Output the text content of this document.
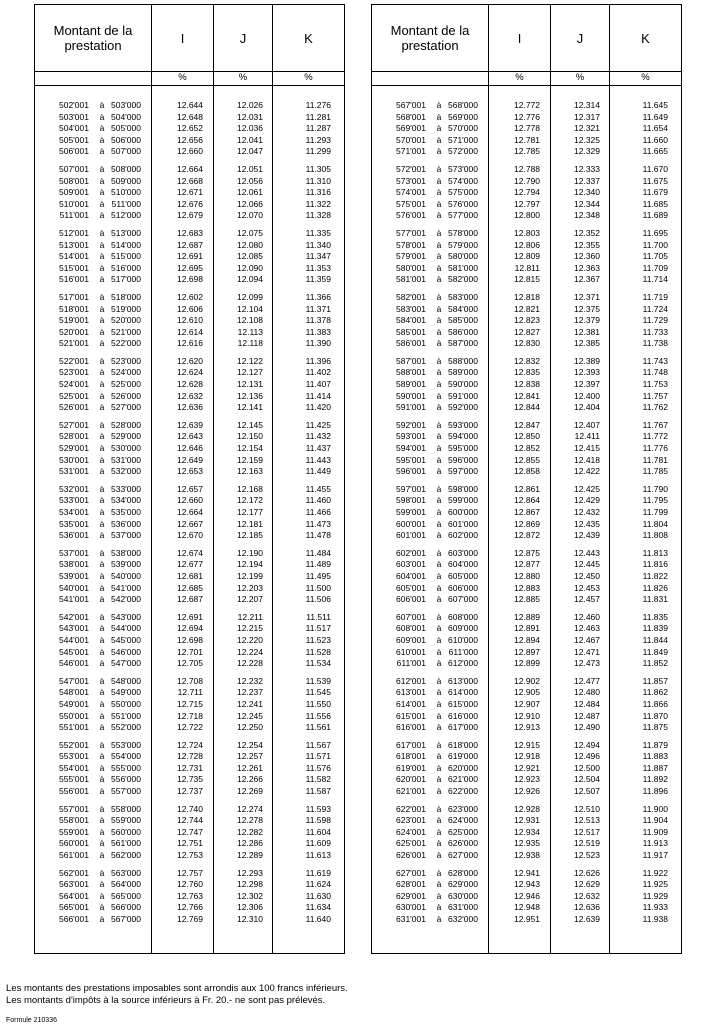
Montant de la prestation	I	J	K
%	%	%
502'001 à 503'000	12.644	12.026	11.276
503'001 à 504'000	12.648	12.031	11.281
504'001 à 505'000	12.652	12.036	11.287
505'001 à 506'000	12.656	12.041	11.293
506'001 à 507'000	12.660	12.047	11.299
507'001 à 508'000	12.664	12.051	11.305
508'001 à 509'000	12.668	12.056	11.310
509'001 à 510'000	12.671	12.061	11.316
510'001 à 511'000	12.676	12.066	11.322
511'001 à 512'000	12.679	12.070	11.328
512'001 à 513'000	12.683	12.075	11.335
513'001 à 514'000	12.687	12.080	11.340
514'001 à 515'000	12.691	12.085	11.347
515'001 à 516'000	12.695	12.090	11.353
516'001 à 517'000	12.698	12.094	11.359
517'001 à 518'000	12.602	12.099	11.366
518'001 à 519'000	12.606	12.104	11.371
519'001 à 520'000	12.610	12.108	11.378
520'001 à 521'000	12.614	12.113	11.383
521'001 à 522'000	12.616	12.118	11.390
522'001 à 523'000	12.620	12.122	11.396
523'001 à 524'000	12.624	12.127	11.402
524'001 à 525'000	12.628	12.131	11.407
525'001 à 526'000	12.632	12.136	11.414
526'001 à 527'000	12.636	12.141	11.420
527'001 à 528'000	12.639	12.145	11.425
528'001 à 529'000	12.643	12.150	11.432
529'001 à 530'000	12.646	12.154	11.437
530'001 à 531'000	12.649	12.159	11.443
531'001 à 532'000	12.653	12.163	11.449
532'001 à 533'000	12.657	12.168	11.455
533'001 à 534'000	12.660	12.172	11.460
534'001 à 535'000	12.664	12.177	11.466
535'001 à 536'000	12.667	12.181	11.473
536'001 à 537'000	12.670	12.185	11.478
537'001 à 538'000	12.674	12.190	11.484
538'001 à 539'000	12.677	12.194	11.489
539'001 à 540'000	12.681	12.199	11.495
540'001 à 541'000	12.685	12.203	11.500
541'001 à 542'000	12.687	12.207	11.506
542'001 à 543'000	12.691	12.211	11.511
543'001 à 544'000	12.694	12.215	11.517
544'001 à 545'000	12.698	12.220	11.523
545'001 à 546'000	12.701	12.224	11.528
546'001 à 547'000	12.705	12.228	11.534
547'001 à 548'000	12.708	12.232	11.539
548'001 à 549'000	12.711	12.237	11.545
549'001 à 550'000	12.715	12.241	11.550
550'001 à 551'000	12.718	12.245	11.556
551'001 à 552'000	12.722	12.250	11.561
552'001 à 553'000	12.724	12.254	11.567
553'001 à 554'000	12.728	12.257	11.571
554'001 à 555'000	12.731	12.261	11.576
555'001 à 556'000	12.735	12.266	11.582
556'001 à 557'000	12.737	12.269	11.587
557'001 à 558'000	12.740	12.274	11.593
558'001 à 559'000	12.744	12.278	11.598
559'001 à 560'000	12.747	12.282	11.604
560'001 à 561'000	12.751	12.286	11.609
561'001 à 562'000	12.753	12.289	11.613
562'001 à 563'000	12.757	12.293	11.619
563'001 à 564'000	12.760	12.298	11.624
564'001 à 565'000	12.763	12.302	11.630
565'001 à 566'000	12.766	12.306	11.634
566'001 à 567'000	12.769	12.310	11.640
Montant de la prestation	I	J	K
%	%	%
567'001 à 568'000	12.772	12.314	11.645
568'001 à 569'000	12.776	12.317	11.649
569'001 à 570'000	12.778	12.321	11.654
570'001 à 571'000	12.781	12.325	11.660
571'001 à 572'000	12.785	12.329	11.665
572'001 à 573'000	12.788	12.333	11.670
573'001 à 574'000	12.790	12.337	11.675
574'001 à 575'000	12.794	12.340	11.679
575'001 à 576'000	12.797	12.344	11.685
576'001 à 577'000	12.800	12.348	11.689
577'001 à 578'000	12.803	12.352	11.695
578'001 à 579'000	12.806	12.355	11.700
579'001 à 580'000	12.809	12.360	11.705
580'001 à 581'000	12.811	12.363	11.709
581'001 à 582'000	12.815	12.367	11.714
582'001 à 583'000	12.818	12.371	11.719
583'001 à 584'000	12.821	12.375	11.724
584'001 à 585'000	12.823	12.379	11.729
585'001 à 586'000	12.827	12.381	11.733
586'001 à 587'000	12.830	12.385	11.738
587'001 à 588'000	12.832	12.389	11.743
588'001 à 589'000	12.835	12.393	11.748
589'001 à 590'000	12.838	12.397	11.753
590'001 à 591'000	12.841	12.400	11.757
591'001 à 592'000	12.844	12.404	11.762
592'001 à 593'000	12.847	12.407	11.767
593'001 à 594'000	12.850	12.411	11.772
594'001 à 595'000	12.852	12.415	11.776
595'001 à 596'000	12.855	12.418	11.781
596'001 à 597'000	12.858	12.422	11.785
597'001 à 598'000	12.861	12.425	11.790
598'001 à 599'000	12.864	12.429	11.795
599'001 à 600'000	12.867	12.432	11.799
600'001 à 601'000	12.869	12.435	11.804
601'001 à 602'000	12.872	12.439	11.808
602'001 à 603'000	12.875	12.443	11.813
603'001 à 604'000	12.877	12.445	11.816
604'001 à 605'000	12.880	12.450	11.822
605'001 à 606'000	12.883	12.453	11.826
606'001 à 607'000	12.885	12.457	11.831
607'001 à 608'000	12.889	12.460	11.835
608'001 à 609'000	12.891	12.463	11.839
609'001 à 610'000	12.894	12.467	11.844
610'001 à 611'000	12.897	12.471	11.849
611'001 à 612'000	12.899	12.473	11.852
612'001 à 613'000	12.902	12.477	11.857
613'001 à 614'000	12.905	12.480	11.862
614'001 à 615'000	12.907	12.484	11.866
615'001 à 616'000	12.910	12.487	11.870
616'001 à 617'000	12.913	12.490	11.875
617'001 à 618'000	12.915	12.494	11.879
618'001 à 619'000	12.918	12.496	11.883
619'001 à 620'000	12.921	12.500	11.887
620'001 à 621'000	12.923	12.504	11.892
621'001 à 622'000	12.926	12.507	11.896
622'001 à 623'000	12.928	12.510	11.900
623'001 à 624'000	12.931	12.513	11.904
624'001 à 625'000	12.934	12.517	11.909
625'001 à 626'000	12.935	12.519	11.913
626'001 à 627'000	12.938	12.523	11.917
627'001 à 628'000	12.941	12.626	11.922
628'001 à 629'000	12.943	12.629	11.925
629'001 à 630'000	12.946	12.632	11.929
630'001 à 631'000	12.948	12.636	11.933
631'001 à 632'000	12.951	12.639	11.938
Les montants des prestations imposables sont arrondis aux 100 francs inférieurs.
Les montants d'impôts à la source inférieurs à Fr. 20.- ne sont pas prélevés.
Formule 210336
